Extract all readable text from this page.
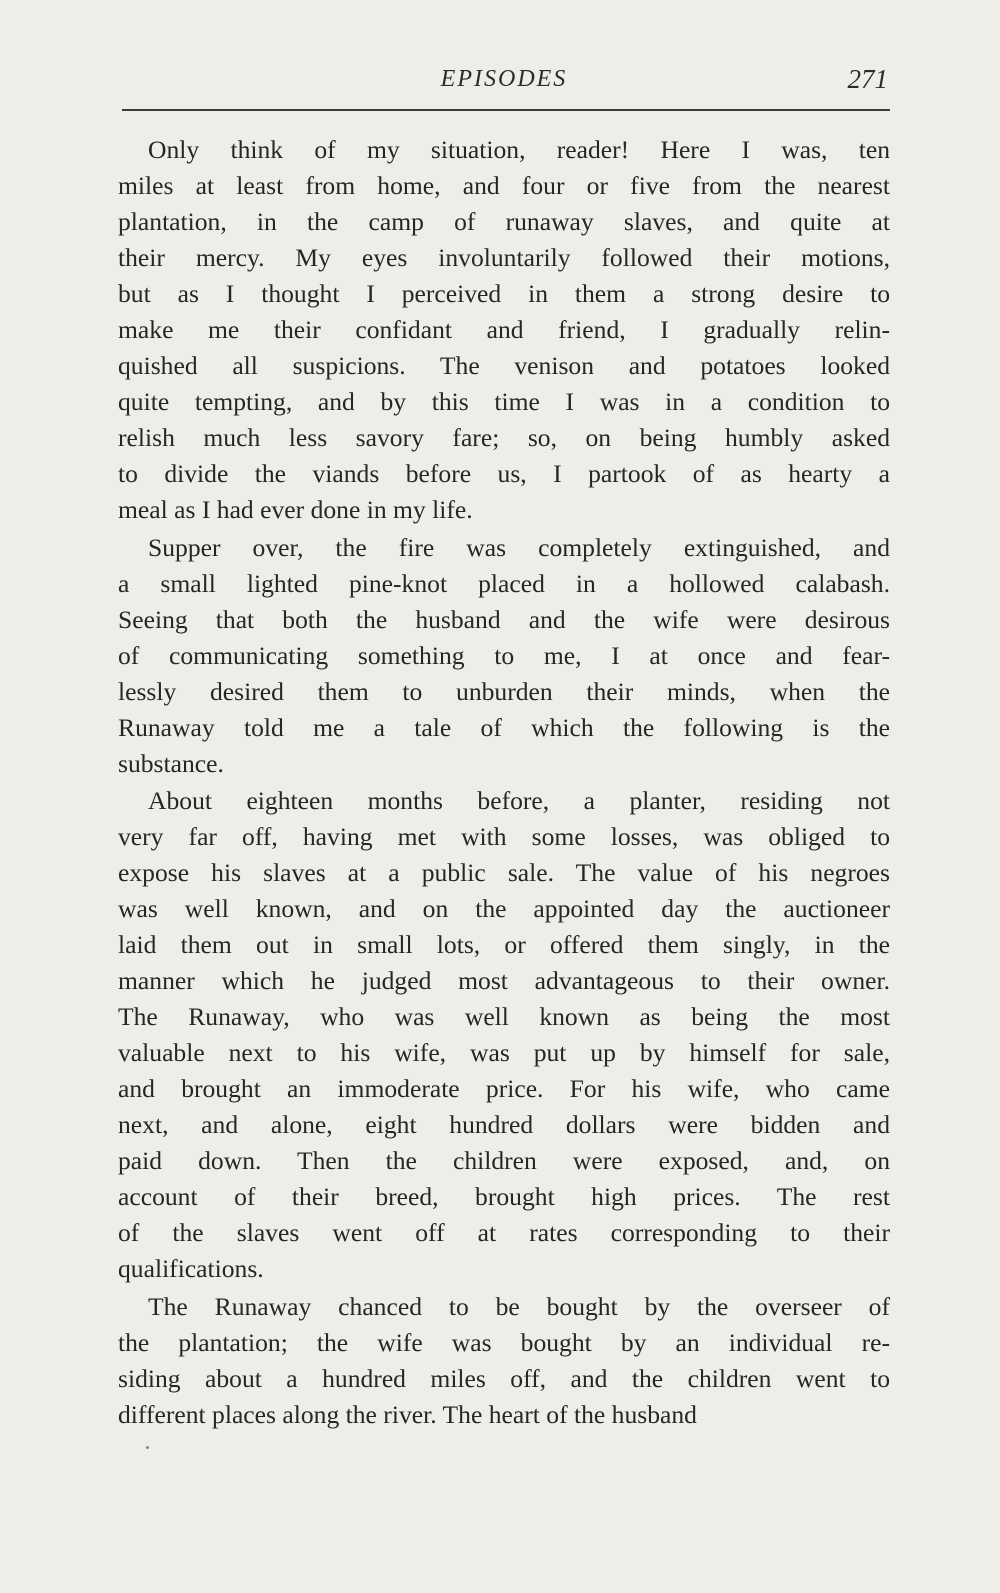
EPISODES	271
Only think of my situation, reader! Here I was, ten
miles at least from home, and four or five from the nearest
plantation, in the camp of runaway slaves, and quite at
their mercy. My eyes involuntarily followed their motions,
but as I thought I perceived in them a strong desire to
make me their confidant and friend, I gradually relin-
quished all suspicions. The venison and potatoes looked
quite tempting, and by this time I was in a condition to
relish much less savory fare; so, on being humbly asked
to divide the viands before us, I partook of as hearty a
meal as I had ever done in my life.
Supper over, the fire was completely extinguished, and
a small lighted pine-knot placed in a hollowed calabash.
Seeing that both the husband and the wife were desirous
of communicating something to me, I at once and fear-
lessly desired them to unburden their minds, when the
Runaway told me a tale of which the following is the
substance.
About eighteen months before, a planter, residing not
very far off, having met with some losses, was obliged to
expose his slaves at a public sale. The value of his negroes
was well known, and on the appointed day the auctioneer
laid them out in small lots, or offered them singly, in the
manner which he judged most advantageous to their owner.
The Runaway, who was well known as being the most
valuable next to his wife, was put up by himself for sale,
and brought an immoderate price. For his wife, who came
next, and alone, eight hundred dollars were bidden and
paid down. Then the children were exposed, and, on
account of their breed, brought high prices. The rest
of the slaves went off at rates corresponding to their
qualifications.
The Runaway chanced to be bought by the overseer of
the plantation; the wife was bought by an individual re-
siding about a hundred miles off, and the children went to
different places along the river. The heart of the husband
